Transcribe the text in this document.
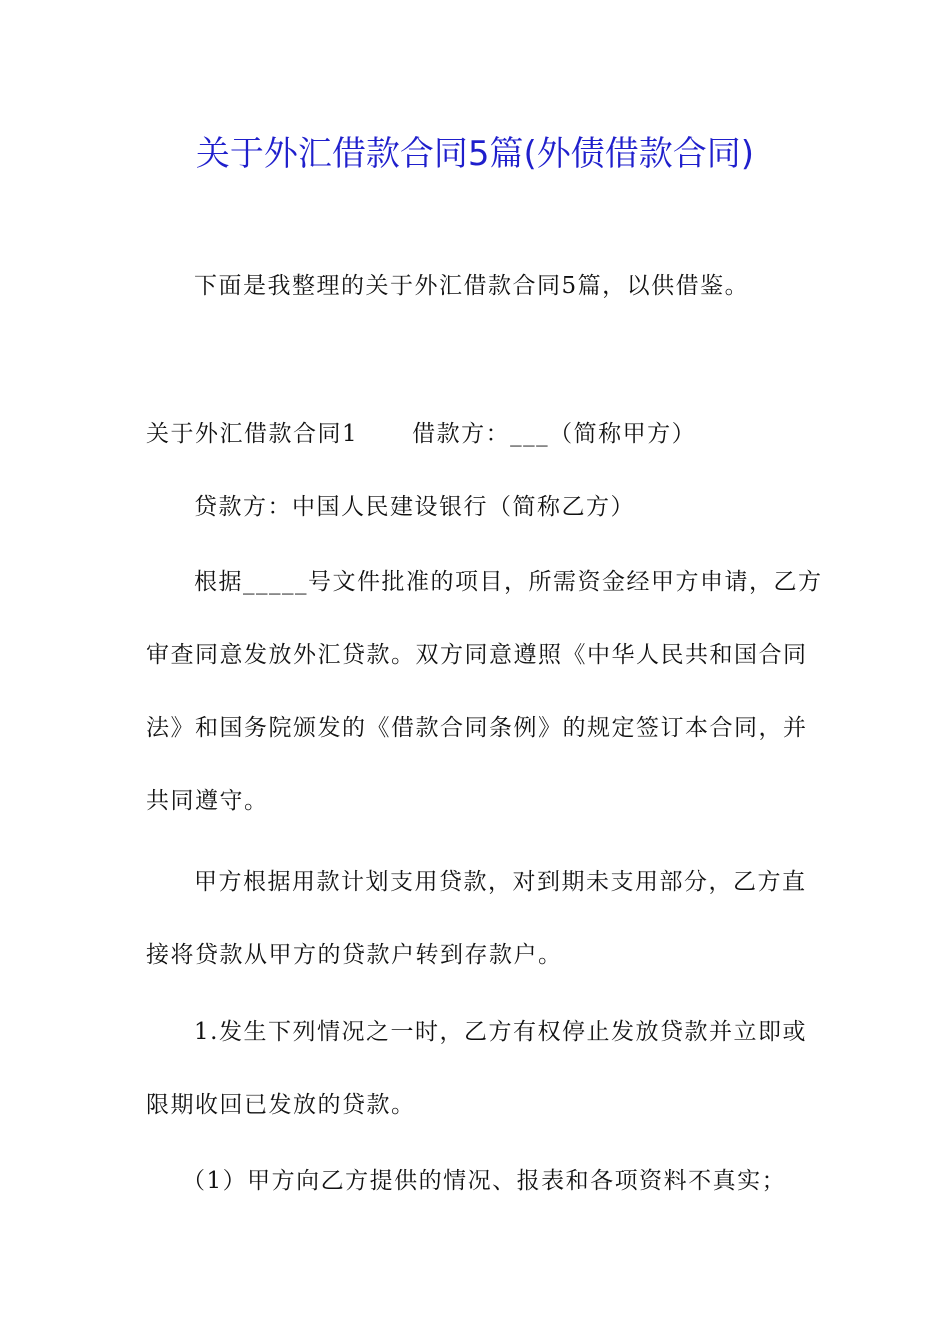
关于外汇借款合同5篇(外债借款合同)
下面是我整理的关于外汇借款合同5篇，以供借鉴。
关于外汇借款合同1 借款方：___（简称甲方）
贷款方：中国人民建设银行（简称乙方）
根据_____号文件批准的项目，所需资金经甲方申请，乙方
审查同意发放外汇贷款。双方同意遵照《中华人民共和国合同
法》和国务院颁发的《借款合同条例》的规定签订本合同，并
共同遵守。
甲方根据用款计划支用贷款，对到期未支用部分，乙方直
接将贷款从甲方的贷款户转到存款户。
1.发生下列情况之一时，乙方有权停止发放贷款并立即或
限期收回已发放的贷款。
（1）甲方向乙方提供的情况、报表和各项资料不真实；
